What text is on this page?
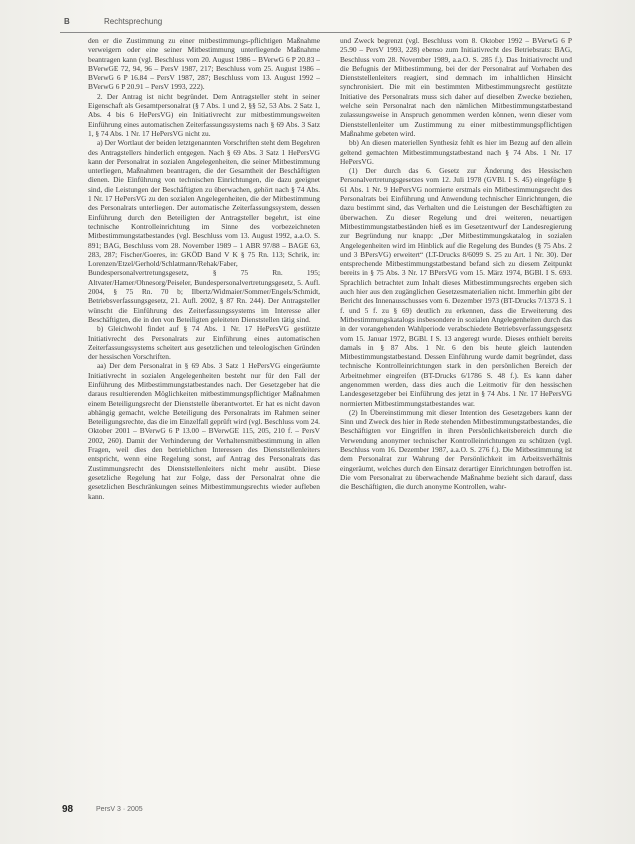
B	Rechtsprechung

den er die Zustimmung zu einer mitbestimmungs-pflichtigen Maßnahme verweigern oder eine seiner Mitbestimmung unterliegende Maßnahme beantragen kann (vgl. Beschluss vom 20. August 1986 – BVerwG 6 P 20.83 – BVerwGE 72, 94, 96 – PersV 1987, 217; Beschluss vom 25. August 1986 – BVerwG 6 P 16.84 – PersV 1987, 287; Beschluss vom 13. August 1992 – BVerwG 6 P 20.91 – PersV 1993, 222).

2. Der Antrag ist nicht begründet. Dem Antragsteller steht in seiner Eigenschaft als Gesamtpersonalrat (§ 7 Abs. 1 und 2, §§ 52, 53 Abs. 2 Satz 1, Abs. 4 bis 6 HePersVG) ein Initiativrecht zur mitbestimmungsweiten Einführung eines automatischen Zeiterfassungssystems nach § 69 Abs. 3 Satz 1, § 74 Abs. 1 Nr. 17 HePersVG nicht zu.

a) Der Wortlaut der beiden letztgenannten Vorschriften steht dem Begehren des Antragstellers hinderlich entgegen. Nach § 69 Abs. 3 Satz 1 HePersVG kann der Personalrat in sozialen Angelegenheiten, die seiner Mitbestimmung unterliegen, Maßnahmen beantragen, die der Gesamtheit der Beschäftigten dienen. Die Einführung von technischen Einrichtungen, die dazu geeignet sind, die Leistungen der Beschäftigten zu überwachen, gehört nach § 74 Abs. 1 Nr. 17 HePersVG zu den sozialen Angelegenheiten, die der Mitbestimmung des Personalrats unterliegen. Der automatische Zeiterfassungssystem, dessen Einführung durch den Beteiligten der Antragsteller begehrt, ist eine technische Kontrolleinrichtung im Sinne des vorbezeichneten Mitbestimmungstatbestandes (vgl. Beschluss vom 13. August 1992, a.a.O. S. 891; BAG, Beschluss vom 28. November 1989 – 1 ABR 97/88 – BAGE 63, 283, 287; Fischer/Goeres, in: GKÖD Band V K § 75 Rn. 113; Schrik, in: Lorenzen/Etzel/Gerhold/Schlatmann/Rehak/Faber, Bundespersonalvertretungsgesetz, § 75 Rn. 195; Altvater/Hamer/Ohnesorg/Peiseler, Bundespersonalvertretungsgesetz, 5. Aufl. 2004, § 75 Rn. 70 b; Ilbertz/Widmaier/Sommer/Engels/Schmidt, Betriebsverfassungsgesetz, 21. Aufl. 2002, § 87 Rn. 244). Der Antragsteller wünscht die Einführung des Zeiterfassungssystems im Interesse aller Beschäftigten, die in den von Beteiligten geleiteten Dienststellen tätig sind.

b) Gleichwohl findet auf § 74 Abs. 1 Nr. 17 HePersVG gestützte Initiativrecht des Personalrats zur Einführung eines automatischen Zeiterfassungssystems scheitert aus gesetzlichen und teleologischen Gründen der hessischen Vorschriften.

aa) Der dem Personalrat in § 69 Abs. 3 Satz 1 HePersVG eingeräumte Initiativrecht in sozialen Angelegenheiten besteht nur für den Fall der Einführung des Mitbestimmungstatbestandes nach. Der Gesetzgeber hat die daraus resultierenden Möglichkeiten mitbestimmungspflichtiger Maßnahmen einem Beteiligungsrecht der Dienststelle überantwortet. Er hat es nicht davon abhängig gemacht, welche Beteiligung des Personalrats im Rahmen seiner Beteiligungsrechte, das die im Einzelfall geprüft wird (vgl. Beschluss vom 24. Oktober 2001 – BVerwG 6 P 13.00 – BVerwGE 115, 205, 210 f. – PersV 2002, 260). Damit der Verhinderung der Verhaltensmitbestimmung in allen Fragen, weil dies den betrieblichen Interessen des Dienststellenleiters entspricht, wenn eine Regelung sonst, auf Antrag des Personalrats das Zustimmungsrecht des Dienststellenleiters nicht mehr ausübt. Diese gesetzliche Regelung hat zur Folge, dass der Personalrat ohne die gesetzlichen Beschränkungen seines Mitbestimmungsrechts wieder aufleben kann.

und Zweck begrenzt (vgl. Beschluss vom 8. Oktober 1992 – BVerwG 6 P 25.90 – PersV 1993, 228) ebenso zum Initiativrecht des Betriebsrats: BAG, Beschluss vom 28. November 1989, a.a.O. S. 285 f.). Das Initiativrecht und die Befugnis der Mitbestimmung, bei der der Personalrat auf Vorhaben des Dienststellenleiters reagiert, sind demnach im inhaltlichen Hinsicht synchronisiert. Die mit ein bestimmten Mitbestimmungsrecht gestützte Initiative des Personalrats muss sich daher auf dieselben Zwecke beziehen, welche sein Personalrat nach den nämlichen Mitbestimmungstatbestand zulassungsweise in Anspruch genommen werden können, wenn dieser vom Dienststellenleiter um Zustimmung zu einer mitbestimmungspflichtigen Maßnahme gebeten wird.

bb) An diesen materiellen Synthesiz fehlt es hier im Bezug auf den allein geltend gemachten Mitbestimmungstatbestand nach § 74 Abs. 1 Nr. 17 HePersVG.

(1) Der durch das 6. Gesetz zur Änderung des Hessischen Personalvertretungsgesetzes vom 12. Juli 1978 (GVBl. I S. 45) eingefügte § 61 Abs. 1 Nr. 9 HePersVG normierte erstmals ein Mitbestimmungsrecht des Personalrats bei Einführung und Anwendung technischer Einrichtungen, die dazu bestimmt sind, das Verhalten und die Leistungen der Beschäftigten zu überwachen. Zu dieser Regelung und drei weiteren, neuartigen Mitbestimmungstatbeständen hieß es im Gesetzentwurf der Landesregierung zur Begründung nur knapp: „Der Mitbestimmungskatalog in sozialen Angelegenheiten wird im Hinblick auf die Regelung des Bundes (§ 75 Abs. 2 und 3 BPersVG) erweitert“ (LT-Drucks 8/6099 S. 25 zu Art. 1 Nr. 30). Der entsprechende Mitbestimmungstatbestand befand sich zu diesem Zeitpunkt bereits in § 75 Abs. 3 Nr. 17 BPersVG vom 15. März 1974, BGBl. I S. 693. Sprachlich betrachtet zum Inhalt dieses Mitbestimmungsrechts ergeben sich auch hier aus den zugänglichen Gesetzesmaterialien nicht. Immerhin gibt der Bericht des Innenausschusses vom 6. Dezember 1973 (BT-Drucks 7/1373 S. 1 f. und 5 f. zu § 69) deutlich zu erkennen, dass die Erweiterung des Mitbestimmungskatalogs insbesondere in sozialen Angelegenheiten durch das in der vorangehenden Wahlperiode verabschiedete Betriebsverfassungsgesetz vom 15. Januar 1972, BGBl. I S. 13 angeregt wurde. Dieses enthielt bereits damals in § 87 Abs. 1 Nr. 6 den bis heute gleich lautenden Mitbestimmungstatbestand. Dessen Einführung wurde damit begründet, dass technische Kontrolleinrichtungen stark in den persönlichen Bereich der Arbeitnehmer eingreifen (BT-Drucks 6/1786 S. 48 f.). Es kann daher angenommen werden, dass dies auch die Leitmotiv für den hessischen Landesgesetzgeber bei Einführung des jetzt in § 74 Abs. 1 Nr. 17 HePersVG normierten Mitbestimmungstatbestandes war.

(2) In Übereinstimmung mit dieser Intention des Gesetzgebers kann der Sinn und Zweck des hier in Rede stehenden Mitbestimmungstatbestandes, die Beschäftigten vor Eingriffen in ihren Persönlichkeitsbereich durch die Verwendung anonymer technischer Kontrolleinrichtungen zu schützen (vgl. Beschluss vom 16. Dezember 1987, a.a.O. S. 276 f.). Die Mitbestimmung ist dem Personalrat zur Wahrung der Persönlichkeit im Arbeitsverhältnis eingeräumt, welches durch den Einsatz derartiger Einrichtungen betroffen ist. Die vom Personalrat zu überwachende Maßnahme bezieht sich darauf, dass die Beschäftigten, die durch anonyme Kontrollen, wahr-

98	PersV 3 · 2005
